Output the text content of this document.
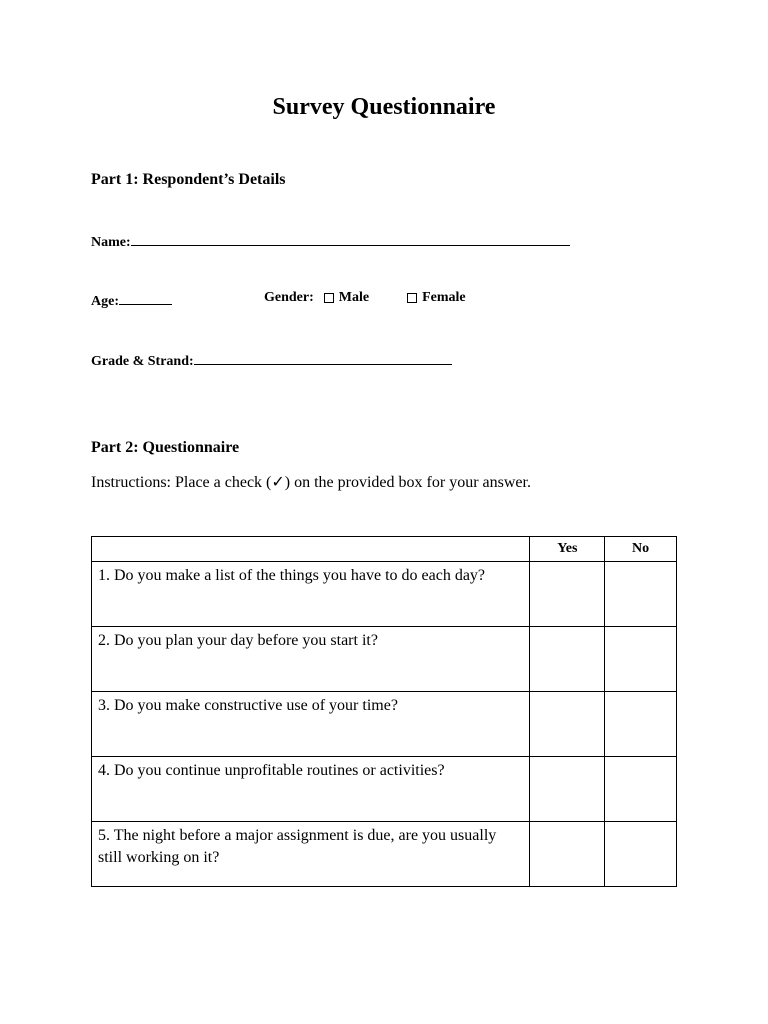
Survey Questionnaire
Part 1: Respondent’s Details
Name:
Age:	Gender: Male	Female
Grade & Strand:
Part 2: Questionnaire
Instructions: Place a check (✓) on the provided box for your answer.
	Yes	No
1. Do you make a list of the things you have to do each day?		
2. Do you plan your day before you start it?		
3. Do you make constructive use of your time?		
4. Do you continue unprofitable routines or activities?		
5. The night before a major assignment is due, are you usually still working on it?		
